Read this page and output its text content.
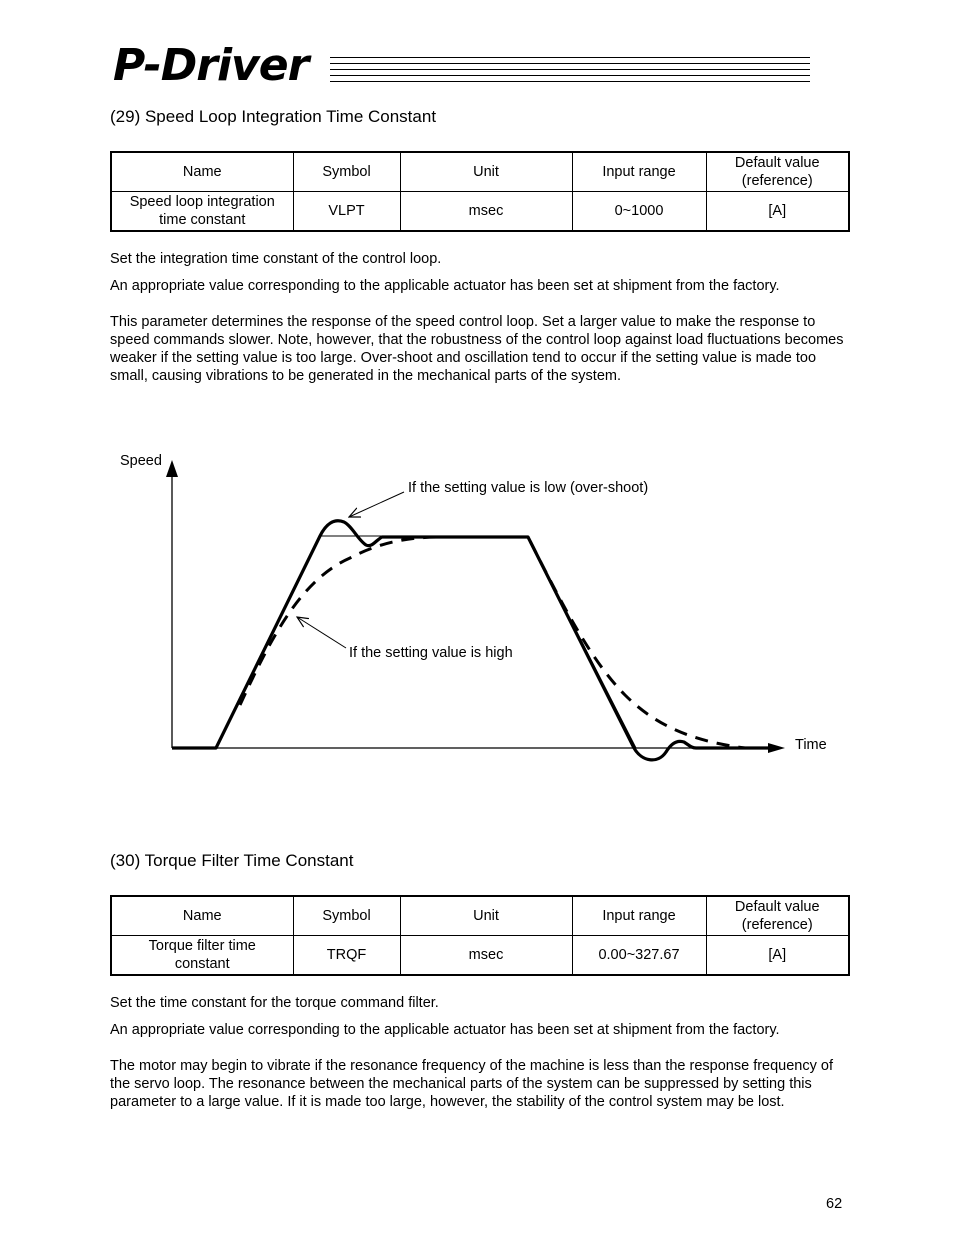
P-Driver
(29) Speed Loop Integration Time Constant
Name	Symbol	Unit	Input range	Default value
(reference)
Speed loop integration
time constant	VLPT	msec	0~1000	[A]
Set the integration time constant of the control loop.
An appropriate value corresponding to the applicable actuator has been set at shipment from the factory.
This parameter determines the response of the speed control loop. Set a larger value to make the response to speed commands slower. Note, however, that the robustness of the control loop against load fluctuations becomes weaker if the setting value is too large. Over-shoot and oscillation tend to occur if the setting value is made too small, causing vibrations to be generated in the mechanical parts of the system.
Speed
Time
If the setting value is low (over-shoot)
If the setting value is high
(30) Torque Filter Time Constant
Name	Symbol	Unit	Input range	Default value
(reference)
Torque filter time
constant	TRQF	msec	0.00~327.67	[A]
Set the time constant for the torque command filter.
An appropriate value corresponding to the applicable actuator has been set at shipment from the factory.
The motor may begin to vibrate if the resonance frequency of the machine is less than the response frequency of the servo loop. The resonance between the mechanical parts of the system can be suppressed by setting this parameter to a large value. If it is made too large, however, the stability of the control system may be lost.
62
